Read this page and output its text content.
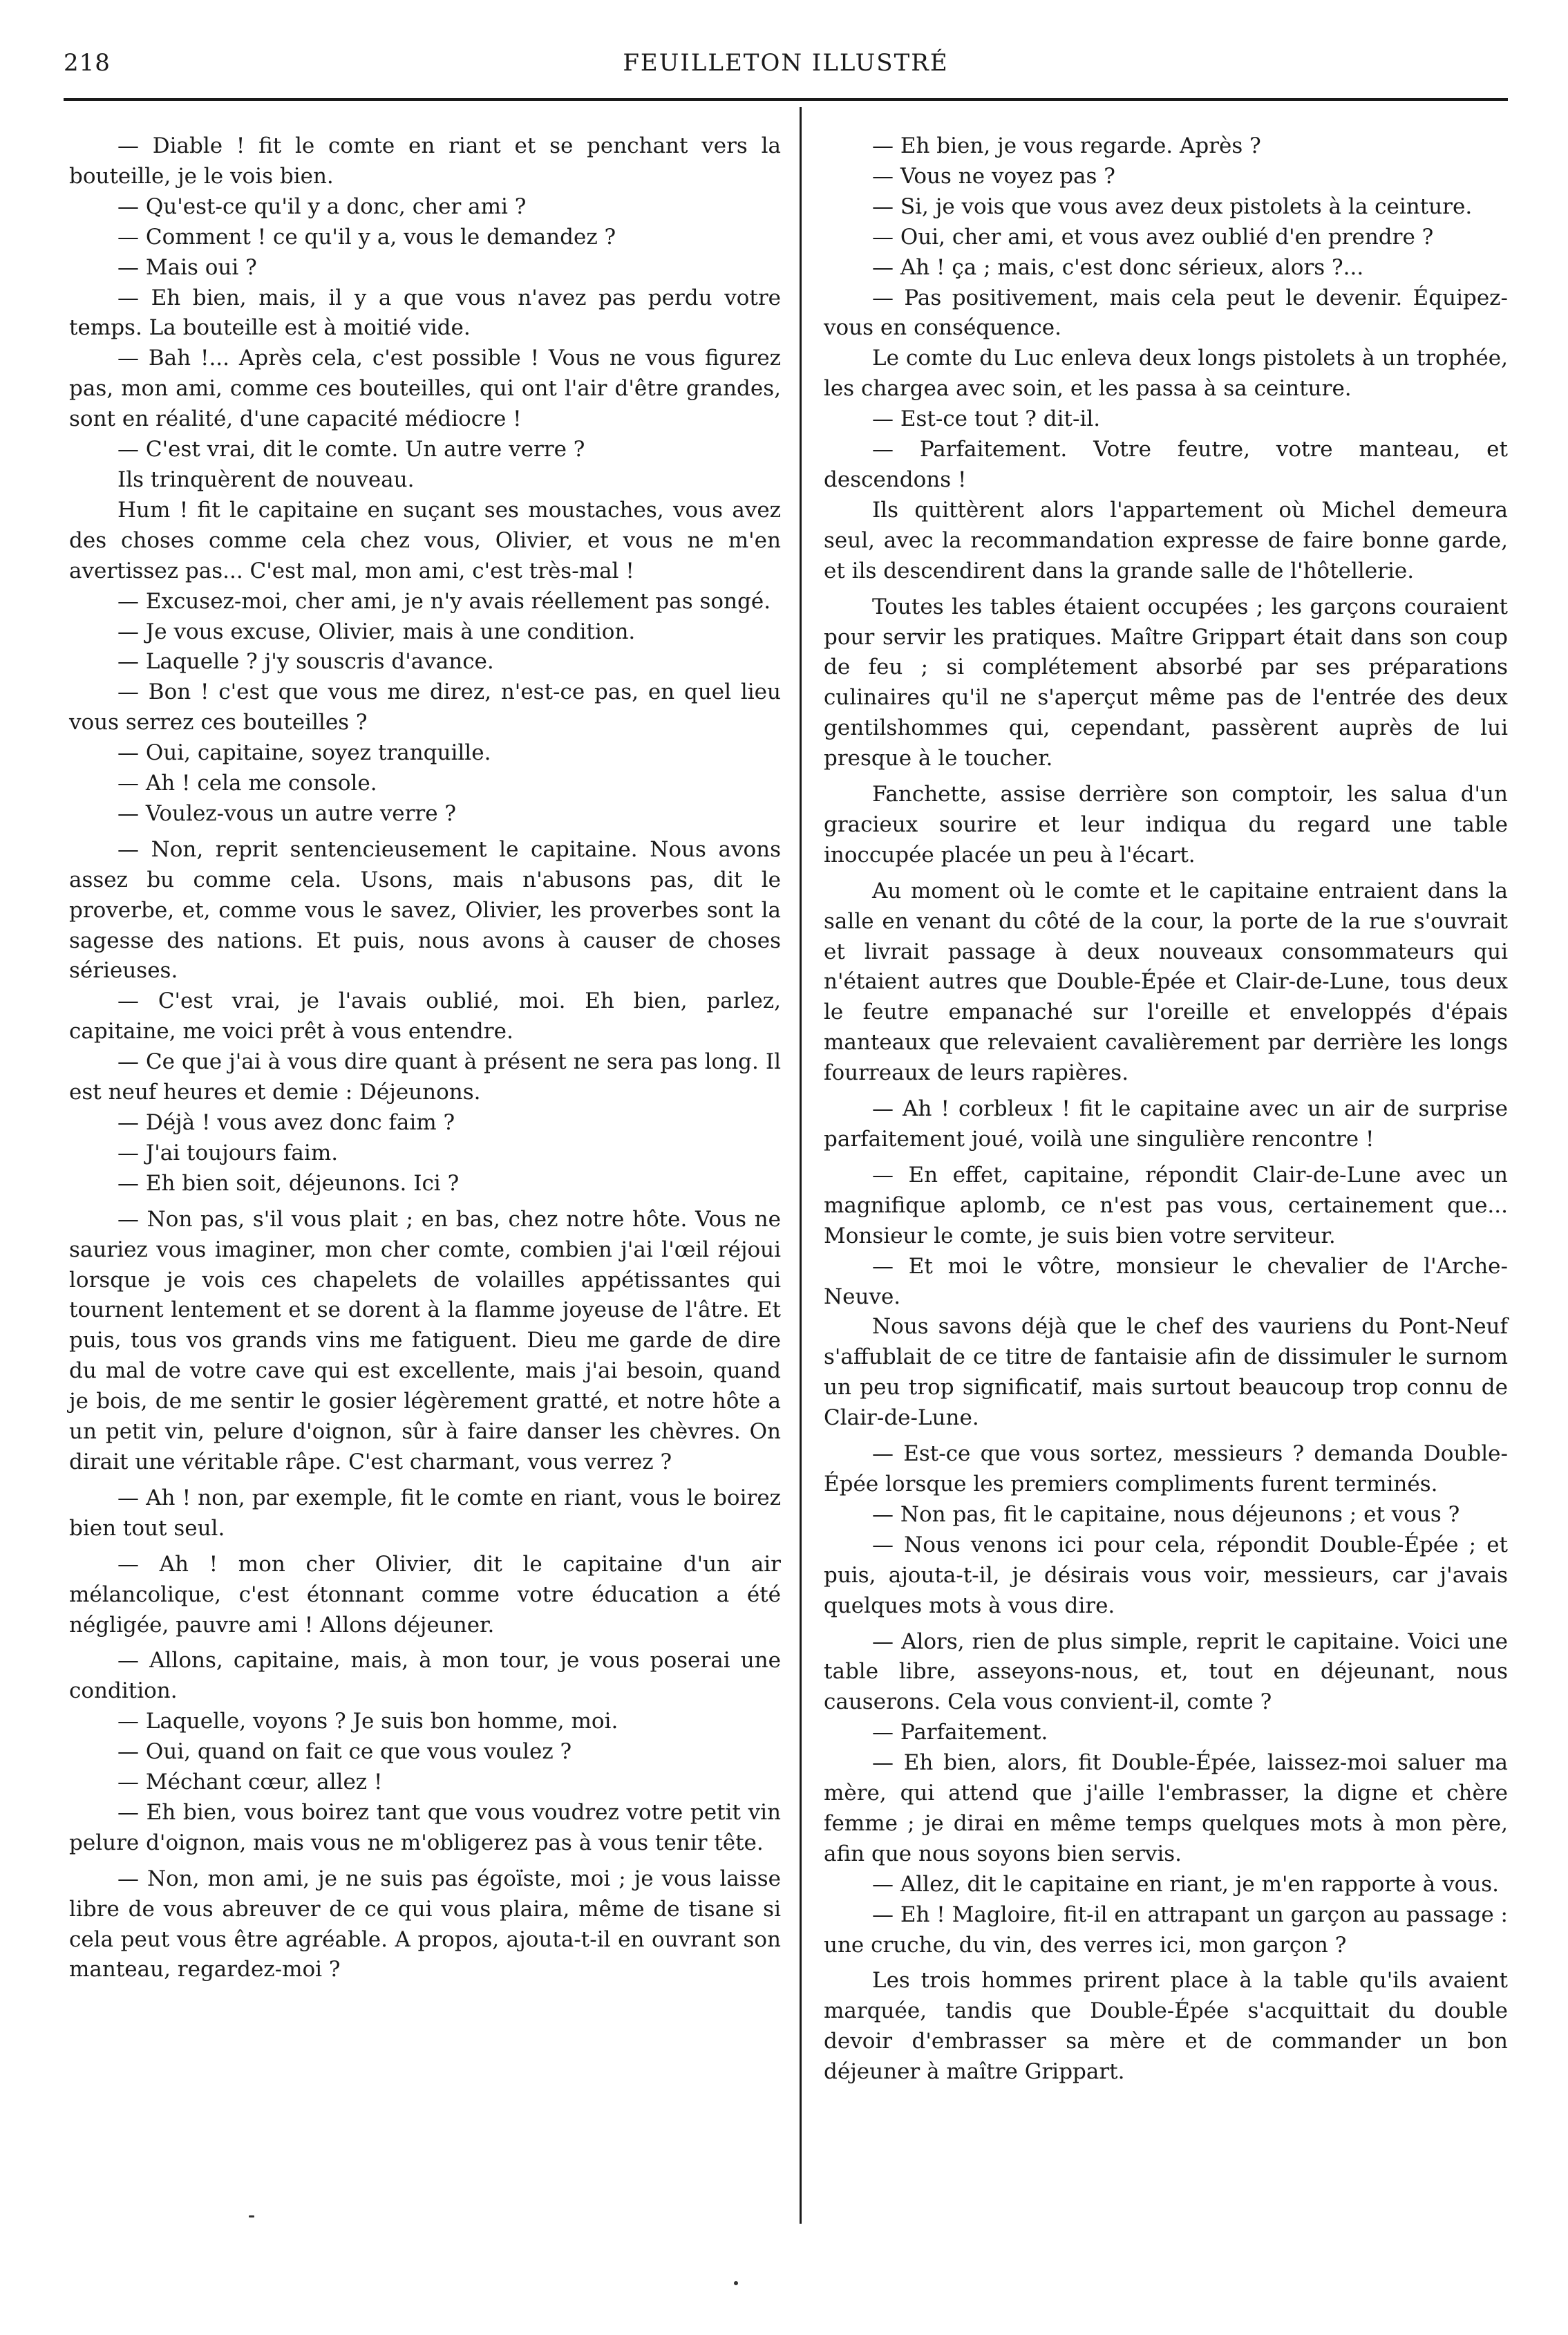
218	FEUILLETON ILLUSTRÉ

— Diable ! fit le comte en riant et se penchant vers la bouteille, je le vois bien.

— Qu'est-ce qu'il y a donc, cher ami ?

— Comment ! ce qu'il y a, vous le demandez ?

— Mais oui ?

— Eh bien, mais, il y a que vous n'avez pas perdu votre temps. La bouteille est à moitié vide.

— Bah !... Après cela, c'est possible ! Vous ne vous figurez pas, mon ami, comme ces bouteilles, qui ont l'air d'être grandes, sont en réalité, d'une capacité médiocre !

— C'est vrai, dit le comte. Un autre verre ?

Ils trinquèrent de nouveau.

Hum ! fit le capitaine en suçant ses moustaches, vous avez des choses comme cela chez vous, Olivier, et vous ne m'en avertissez pas... C'est mal, mon ami, c'est très-mal !

— Excusez-moi, cher ami, je n'y avais réellement pas songé.

— Je vous excuse, Olivier, mais à une condition.

— Laquelle ? j'y souscris d'avance.

— Bon ! c'est que vous me direz, n'est-ce pas, en quel lieu vous serrez ces bouteilles ?

— Oui, capitaine, soyez tranquille.

— Ah ! cela me console.

— Voulez-vous un autre verre ?

— Non, reprit sentencieusement le capitaine. Nous avons assez bu comme cela. Usons, mais n'abusons pas, dit le proverbe, et, comme vous le savez, Olivier, les proverbes sont la sagesse des nations. Et puis, nous avons à causer de choses sérieuses.

— C'est vrai, je l'avais oublié, moi. Eh bien, parlez, capitaine, me voici prêt à vous entendre.

— Ce que j'ai à vous dire quant à présent ne sera pas long. Il est neuf heures et demie : Déjeunons.

— Déjà ! vous avez donc faim ?

— J'ai toujours faim.

— Eh bien soit, déjeunons. Ici ?

— Non pas, s'il vous plait ; en bas, chez notre hôte. Vous ne sauriez vous imaginer, mon cher comte, combien j'ai l'œil réjoui lorsque je vois ces chapelets de volailles appétissantes qui tournent lentement et se dorent à la flamme joyeuse de l'âtre. Et puis, tous vos grands vins me fatiguent. Dieu me garde de dire du mal de votre cave qui est excellente, mais j'ai besoin, quand je bois, de me sentir le gosier légèrement gratté, et notre hôte a un petit vin, pelure d'oignon, sûr à faire danser les chèvres. On dirait une véritable râpe. C'est charmant, vous verrez ?

— Ah ! non, par exemple, fit le comte en riant, vous le boirez bien tout seul.

— Ah ! mon cher Olivier, dit le capitaine d'un air mélancolique, c'est étonnant comme votre éducation a été négligée, pauvre ami ! Allons déjeuner.

— Allons, capitaine, mais, à mon tour, je vous poserai une condition.

— Laquelle, voyons ? Je suis bon homme, moi.

— Oui, quand on fait ce que vous voulez ?

— Méchant cœur, allez !

— Eh bien, vous boirez tant que vous voudrez votre petit vin pelure d'oignon, mais vous ne m'obligerez pas à vous tenir tête.

— Non, mon ami, je ne suis pas égoïste, moi ; je vous laisse libre de vous abreuver de ce qui vous plaira, même de tisane si cela peut vous être agréable. A propos, ajouta-t-il en ouvrant son manteau, regardez-moi ?

— Eh bien, je vous regarde. Après ?

— Vous ne voyez pas ?

— Si, je vois que vous avez deux pistolets à la ceinture.

— Oui, cher ami, et vous avez oublié d'en prendre ?

— Ah ! ça ; mais, c'est donc sérieux, alors ?...

— Pas positivement, mais cela peut le devenir. Équipez-vous en conséquence.

Le comte du Luc enleva deux longs pistolets à un trophée, les chargea avec soin, et les passa à sa ceinture.

— Est-ce tout ? dit-il.

— Parfaitement. Votre feutre, votre manteau, et descendons !

Ils quittèrent alors l'appartement où Michel demeura seul, avec la recommandation expresse de faire bonne garde, et ils descendirent dans la grande salle de l'hôtellerie.

Toutes les tables étaient occupées ; les garçons couraient pour servir les pratiques. Maître Grippart était dans son coup de feu ; si complétement absorbé par ses préparations culinaires qu'il ne s'aperçut même pas de l'entrée des deux gentilshommes qui, cependant, passèrent auprès de lui presque à le toucher.

Fanchette, assise derrière son comptoir, les salua d'un gracieux sourire et leur indiqua du regard une table inoccupée placée un peu à l'écart.

Au moment où le comte et le capitaine entraient dans la salle en venant du côté de la cour, la porte de la rue s'ouvrait et livrait passage à deux nouveaux consommateurs qui n'étaient autres que Double-Épée et Clair-de-Lune, tous deux le feutre empanaché sur l'oreille et enveloppés d'épais manteaux que relevaient cavalièrement par derrière les longs fourreaux de leurs rapières.

— Ah ! corbleux ! fit le capitaine avec un air de surprise parfaitement joué, voilà une singulière rencontre !

— En effet, capitaine, répondit Clair-de-Lune avec un magnifique aplomb, ce n'est pas vous, certainement que... Monsieur le comte, je suis bien votre serviteur.

— Et moi le vôtre, monsieur le chevalier de l'Arche-Neuve.

Nous savons déjà que le chef des vauriens du Pont-Neuf s'affublait de ce titre de fantaisie afin de dissimuler le surnom un peu trop significatif, mais surtout beaucoup trop connu de Clair-de-Lune.

— Est-ce que vous sortez, messieurs ? demanda Double-Épée lorsque les premiers compliments furent terminés.

— Non pas, fit le capitaine, nous déjeunons ; et vous ?

— Nous venons ici pour cela, répondit Double-Épée ; et puis, ajouta-t-il, je désirais vous voir, messieurs, car j'avais quelques mots à vous dire.

— Alors, rien de plus simple, reprit le capitaine. Voici une table libre, asseyons-nous, et, tout en déjeunant, nous causerons. Cela vous convient-il, comte ?

— Parfaitement.

— Eh bien, alors, fit Double-Épée, laissez-moi saluer ma mère, qui attend que j'aille l'embrasser, la digne et chère femme ; je dirai en même temps quelques mots à mon père, afin que nous soyons bien servis.

— Allez, dit le capitaine en riant, je m'en rapporte à vous.

— Eh ! Magloire, fit-il en attrapant un garçon au passage : une cruche, du vin, des verres ici, mon garçon ?

Les trois hommes prirent place à la table qu'ils avaient marquée, tandis que Double-Épée s'acquittait du double devoir d'embrasser sa mère et de commander un bon déjeuner à maître Grippart.
